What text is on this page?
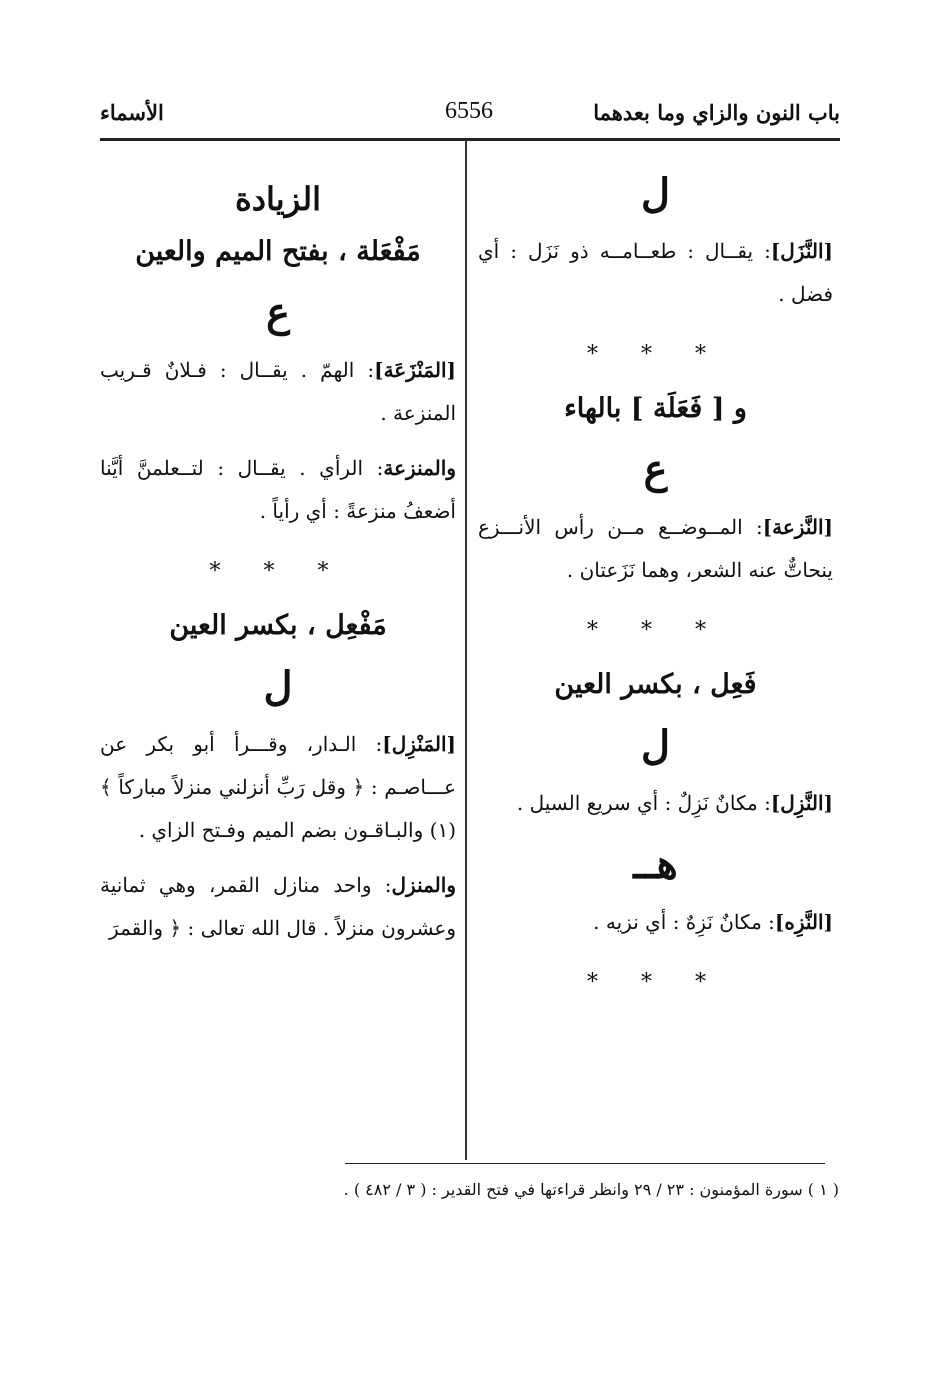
باب النون والزاي وما بعدهما
6556
الأسماء
ل

[النَّزَل]: يقــال : طعــامــه ذو نَزَل : أي فضل .

* * *
و [ فَعَلَة ] بالهاء
ع

[النَّزعة]: المــوضــع مــن رأس الأنـــزع ينحاتٌّ عنه الشعر، وهما نَزَعتان .

* * *
فَعِل ، بكسر العين
ل

[النَّزِل]: مكانٌ نَزِلٌ : أي سريع السيل .

هــ

[النَّزِه]: مكانٌ نَزِهٌ : أي نزيه .

* * *
الزيادة
مَفْعَلة ، بفتح الميم والعين
ع

[المَنْزَعَة]: الهمّ . يقــال : فـلانٌ قـريب المنزعة .

والمنزعة: الرأي . يقــال : لتــعلمنَّ أيَّنا أضعفُ منزعةً : أي رأياً .

* * *
مَفْعِل ، بكسر العين
ل

[المَنْزِل]: الـدار، وقـــرأ أبو بكر عن عـــاصـم : ﴿ وقل رَبِّ أنزلني منزلاً مباركاً ﴾(١) والبـاقـون بضم الميم وفـتح الزاي .

والمنزل: واحد منازل القمر، وهي ثمانية وعشرون منزلاً . قال الله تعالى : ﴿ والقمرَ

( ١ ) سورة المؤمنون : ٢٣ / ٢٩ وانظر قراءتها في فتح القدير : ( ٣ / ٤٨٢ ) .
